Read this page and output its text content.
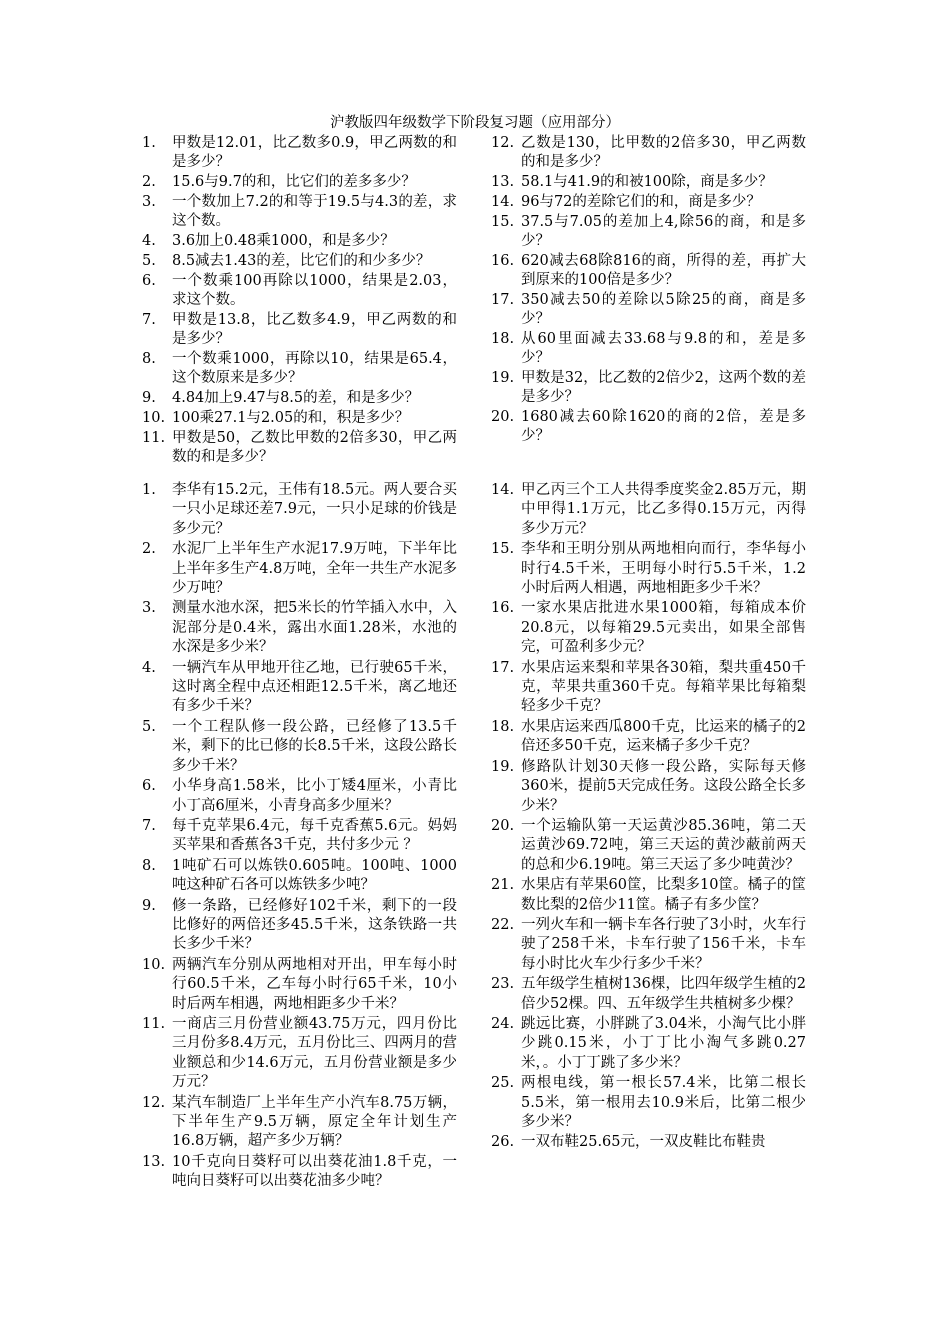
沪教版四年级数学下阶段复习题（应用部分）
1. 甲数是12.01，比乙数多0.9，甲乙两数的和是多少？
2. 15.6与9.7的和，比它们的差多多少？
3. 一个数加上7.2的和等于19.5与4.3的差，求这个数。
4. 3.6加上0.48乘1000，和是多少？
5. 8.5减去1.43的差，比它们的和少多少？
6. 一个数乘100再除以1000，结果是2.03，求这个数。
7. 甲数是13.8，比乙数多4.9，甲乙两数的和是多少？
8. 一个数乘1000，再除以10，结果是65.4，这个数原来是多少？
9. 4.84加上9.47与8.5的差，和是多少？
10. 100乘27.1与2.05的和，积是多少？
11. 甲数是50，乙数比甲数的2倍多30，甲乙两数的和是多少？
12. 乙数是130，比甲数的2倍多30，甲乙两数的和是多少？
13. 58.1与41.9的和被100除，商是多少？
14. 96与72的差除它们的和，商是多少？
15. 37.5与7.05的差加上4,除56的商，和是多少？
16. 620减去68除816的商，所得的差，再扩大到原来的100倍是多少？
17. 350减去50的差除以5除25的商，商是多少？
18. 从60里面减去33.68与9.8的和，差是多少？
19. 甲数是32，比乙数的2倍少2，这两个数的差是多少？
20. 1680减去60除1620的商的2倍，差是多少？
1. 李华有15.2元，王伟有18.5元。两人要合买一只小足球还差7.9元，一只小足球的价钱是多少元？
2. 水泥厂上半年生产水泥17.9万吨，下半年比上半年多生产4.8万吨，全年一共生产水泥多少万吨？
3. 测量水池水深，把5米长的竹竿插入水中，入泥部分是0.4米，露出水面1.28米，水池的水深是多少米？
4. 一辆汽车从甲地开往乙地，已行驶65千米，这时离全程中点还相距12.5千米，离乙地还有多少千米？
5. 一个工程队修一段公路，已经修了13.5千米，剩下的比已修的长8.5千米，这段公路长多少千米？
6. 小华身高1.58米，比小丁矮4厘米，小青比小丁高6厘米，小青身高多少厘米？
7. 每千克苹果6.4元，每千克香蕉5.6元。妈妈买苹果和香蕉各3千克，共付多少元 ？
8. 1吨矿石可以炼铁0.605吨。100吨、1000吨这种矿石各可以炼铁多少吨？
9. 修一条路，已经修好102千米，剩下的一段比修好的两倍还多45.5千米，这条铁路一共长多少千米？
10. 两辆汽车分别从两地相对开出，甲车每小时行60.5千米，乙车每小时行65千米，10小时后两车相遇，两地相距多少千米？
11. 一商店三月份营业额43.75万元，四月份比三月份多8.4万元，五月份比三、四两月的营业额总和少14.6万元，五月份营业额是多少万元？
12. 某汽车制造厂上半年生产小汽车8.75万辆，下半年生产9.5万辆，原定全年计划生产16.8万辆，超产多少万辆？
13. 10千克向日葵籽可以出葵花油1.8千克，一吨向日葵籽可以出葵花油多少吨？
14. 甲乙丙三个工人共得季度奖金2.85万元，期中甲得1.1万元，比乙多得0.15万元，丙得多少万元？
15. 李华和王明分别从两地相向而行，李华每小时行4.5千米，王明每小时行5.5千米，1.2小时后两人相遇，两地相距多少千米？
16. 一家水果店批进水果1000箱，每箱成本价20.8元，以每箱29.5元卖出，如果全部售完，可盈利多少元？
17. 水果店运来梨和苹果各30箱，梨共重450千克，苹果共重360千克。每箱苹果比每箱梨轻多少千克？
18. 水果店运来西瓜800千克，比运来的橘子的2倍还多50千克，运来橘子多少千克？
19. 修路队计划30天修一段公路，实际每天修360米，提前5天完成任务。这段公路全长多少米？
20. 一个运输队第一天运黄沙85.36吨，第二天运黄沙69.72吨，第三天运的黄沙蔽前两天的总和少6.19吨。第三天运了多少吨黄沙？
21. 水果店有苹果60筐，比梨多10筐。橘子的筐数比梨的2倍少11筐。橘子有多少筐？
22. 一列火车和一辆卡车各行驶了3小时，火车行驶了258千米，卡车行驶了156千米，卡车每小时比火车少行多少千米？
23. 五年级学生植树136棵，比四年级学生植的2倍少52棵。四、五年级学生共植树多少棵？
24. 跳远比赛，小胖跳了3.04米，小淘气比小胖少跳0.15米，小丁丁比小淘气多跳0.27米，。小丁丁跳了多少米？
25. 两根电线，第一根长57.4米，比第二根长5.5米，第一根用去10.9米后，比第二根少多少米？
26. 一双布鞋25.65元，一双皮鞋比布鞋贵
